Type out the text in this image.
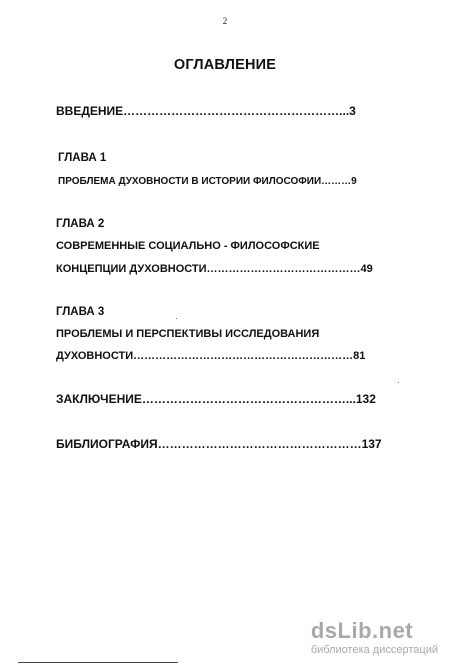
2
ОГЛАВЛЕНИЕ
ВВЕДЕНИЕ………………………………………………...3
ГЛАВА 1
ПРОБЛЕМА ДУХОВНОСТИ В ИСТОРИИ ФИЛОСОФИИ………9
ГЛАВА 2
СОВРЕМЕННЫЕ СОЦИАЛЬНО - ФИЛОСОФСКИЕ
КОНЦЕПЦИИ ДУХОВНОСТИ……………………………………49
ГЛАВА 3
ПРОБЛЕМЫ И ПЕРСПЕКТИВЫ ИССЛЕДОВАНИЯ
ДУХОВНОСТИ……………………………………………………81
ЗАКЛЮЧЕНИЕ……………………………………………...132
БИБЛИОГРАФИЯ……………………………………………137
dsLib.net
библиотека диссертаций
